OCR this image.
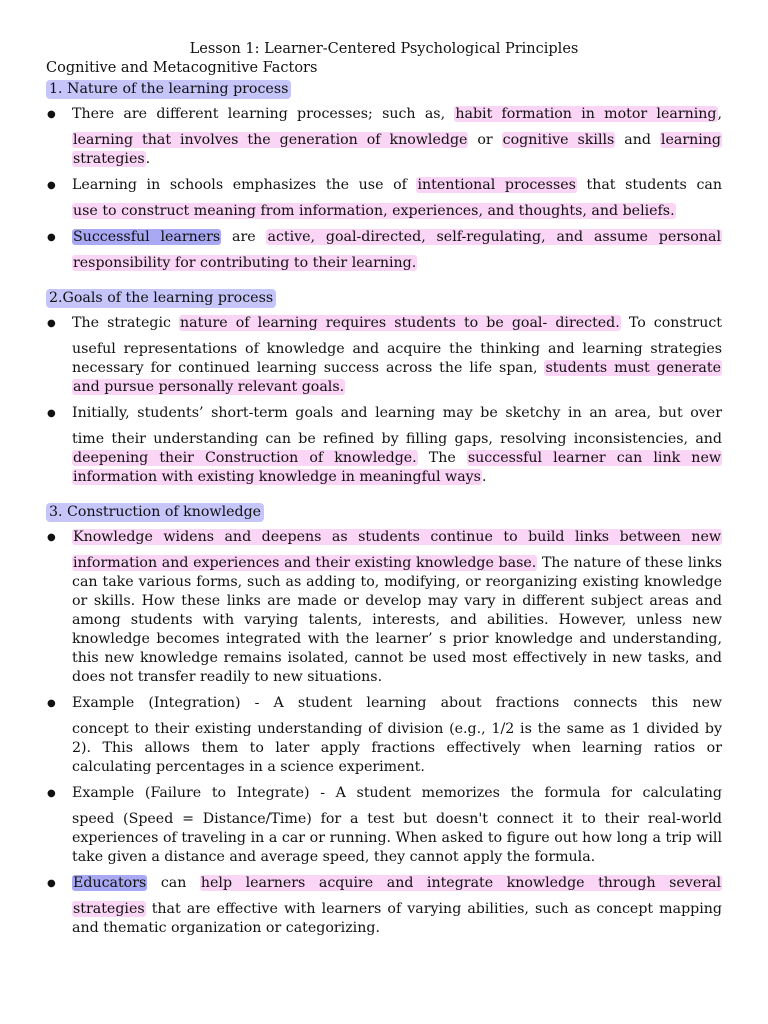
Lesson 1: Learner-Centered Psychological Principles

Cognitive and Metacognitive Factors

1. Nature of the learning process
● There are different learning processes; such as, habit formation in motor learning,
learning that involves the generation of knowledge or cognitive skills and learning strategies.
● Learning in schools emphasizes the use of intentional processes that students can
use to construct meaning from information, experiences, and thoughts, and beliefs.
● Successful learners are active, goal-directed, self-regulating, and assume personal
responsibility for contributing to their learning.
2.Goals of the learning process
● The strategic nature of learning requires students to be goal- directed. To construct
useful representations of knowledge and acquire the thinking and learning strategies necessary for continued learning success across the life span, students must generate and pursue personally relevant goals.
● Initially, students’ short-term goals and learning may be sketchy in an area, but over
time their understanding can be refined by filling gaps, resolving inconsistencies, and deepening their Construction of knowledge. The successful learner can link new information with existing knowledge in meaningful ways.
3. Construction of knowledge
● Knowledge widens and deepens as students continue to build links between new
information and experiences and their existing knowledge base. The nature of these links can take various forms, such as adding to, modifying, or reorganizing existing knowledge or skills. How these links are made or develop may vary in different subject areas and among students with varying talents, interests, and abilities. However, unless new knowledge becomes integrated with the learner’ s prior knowledge and understanding, this new knowledge remains isolated, cannot be used most effectively in new tasks, and does not transfer readily to new situations.
● Example (Integration) - A student learning about fractions connects this new
concept to their existing understanding of division (e.g., 1/2 is the same as 1 divided by 2). This allows them to later apply fractions effectively when learning ratios or calculating percentages in a science experiment.
● Example (Failure to Integrate) - A student memorizes the formula for calculating
speed (Speed = Distance/Time) for a test but doesn't connect it to their real-world experiences of traveling in a car or running. When asked to figure out how long a trip will take given a distance and average speed, they cannot apply the formula.
● Educators can help learners acquire and integrate knowledge through several
strategies that are effective with learners of varying abilities, such as concept mapping and thematic organization or categorizing.
